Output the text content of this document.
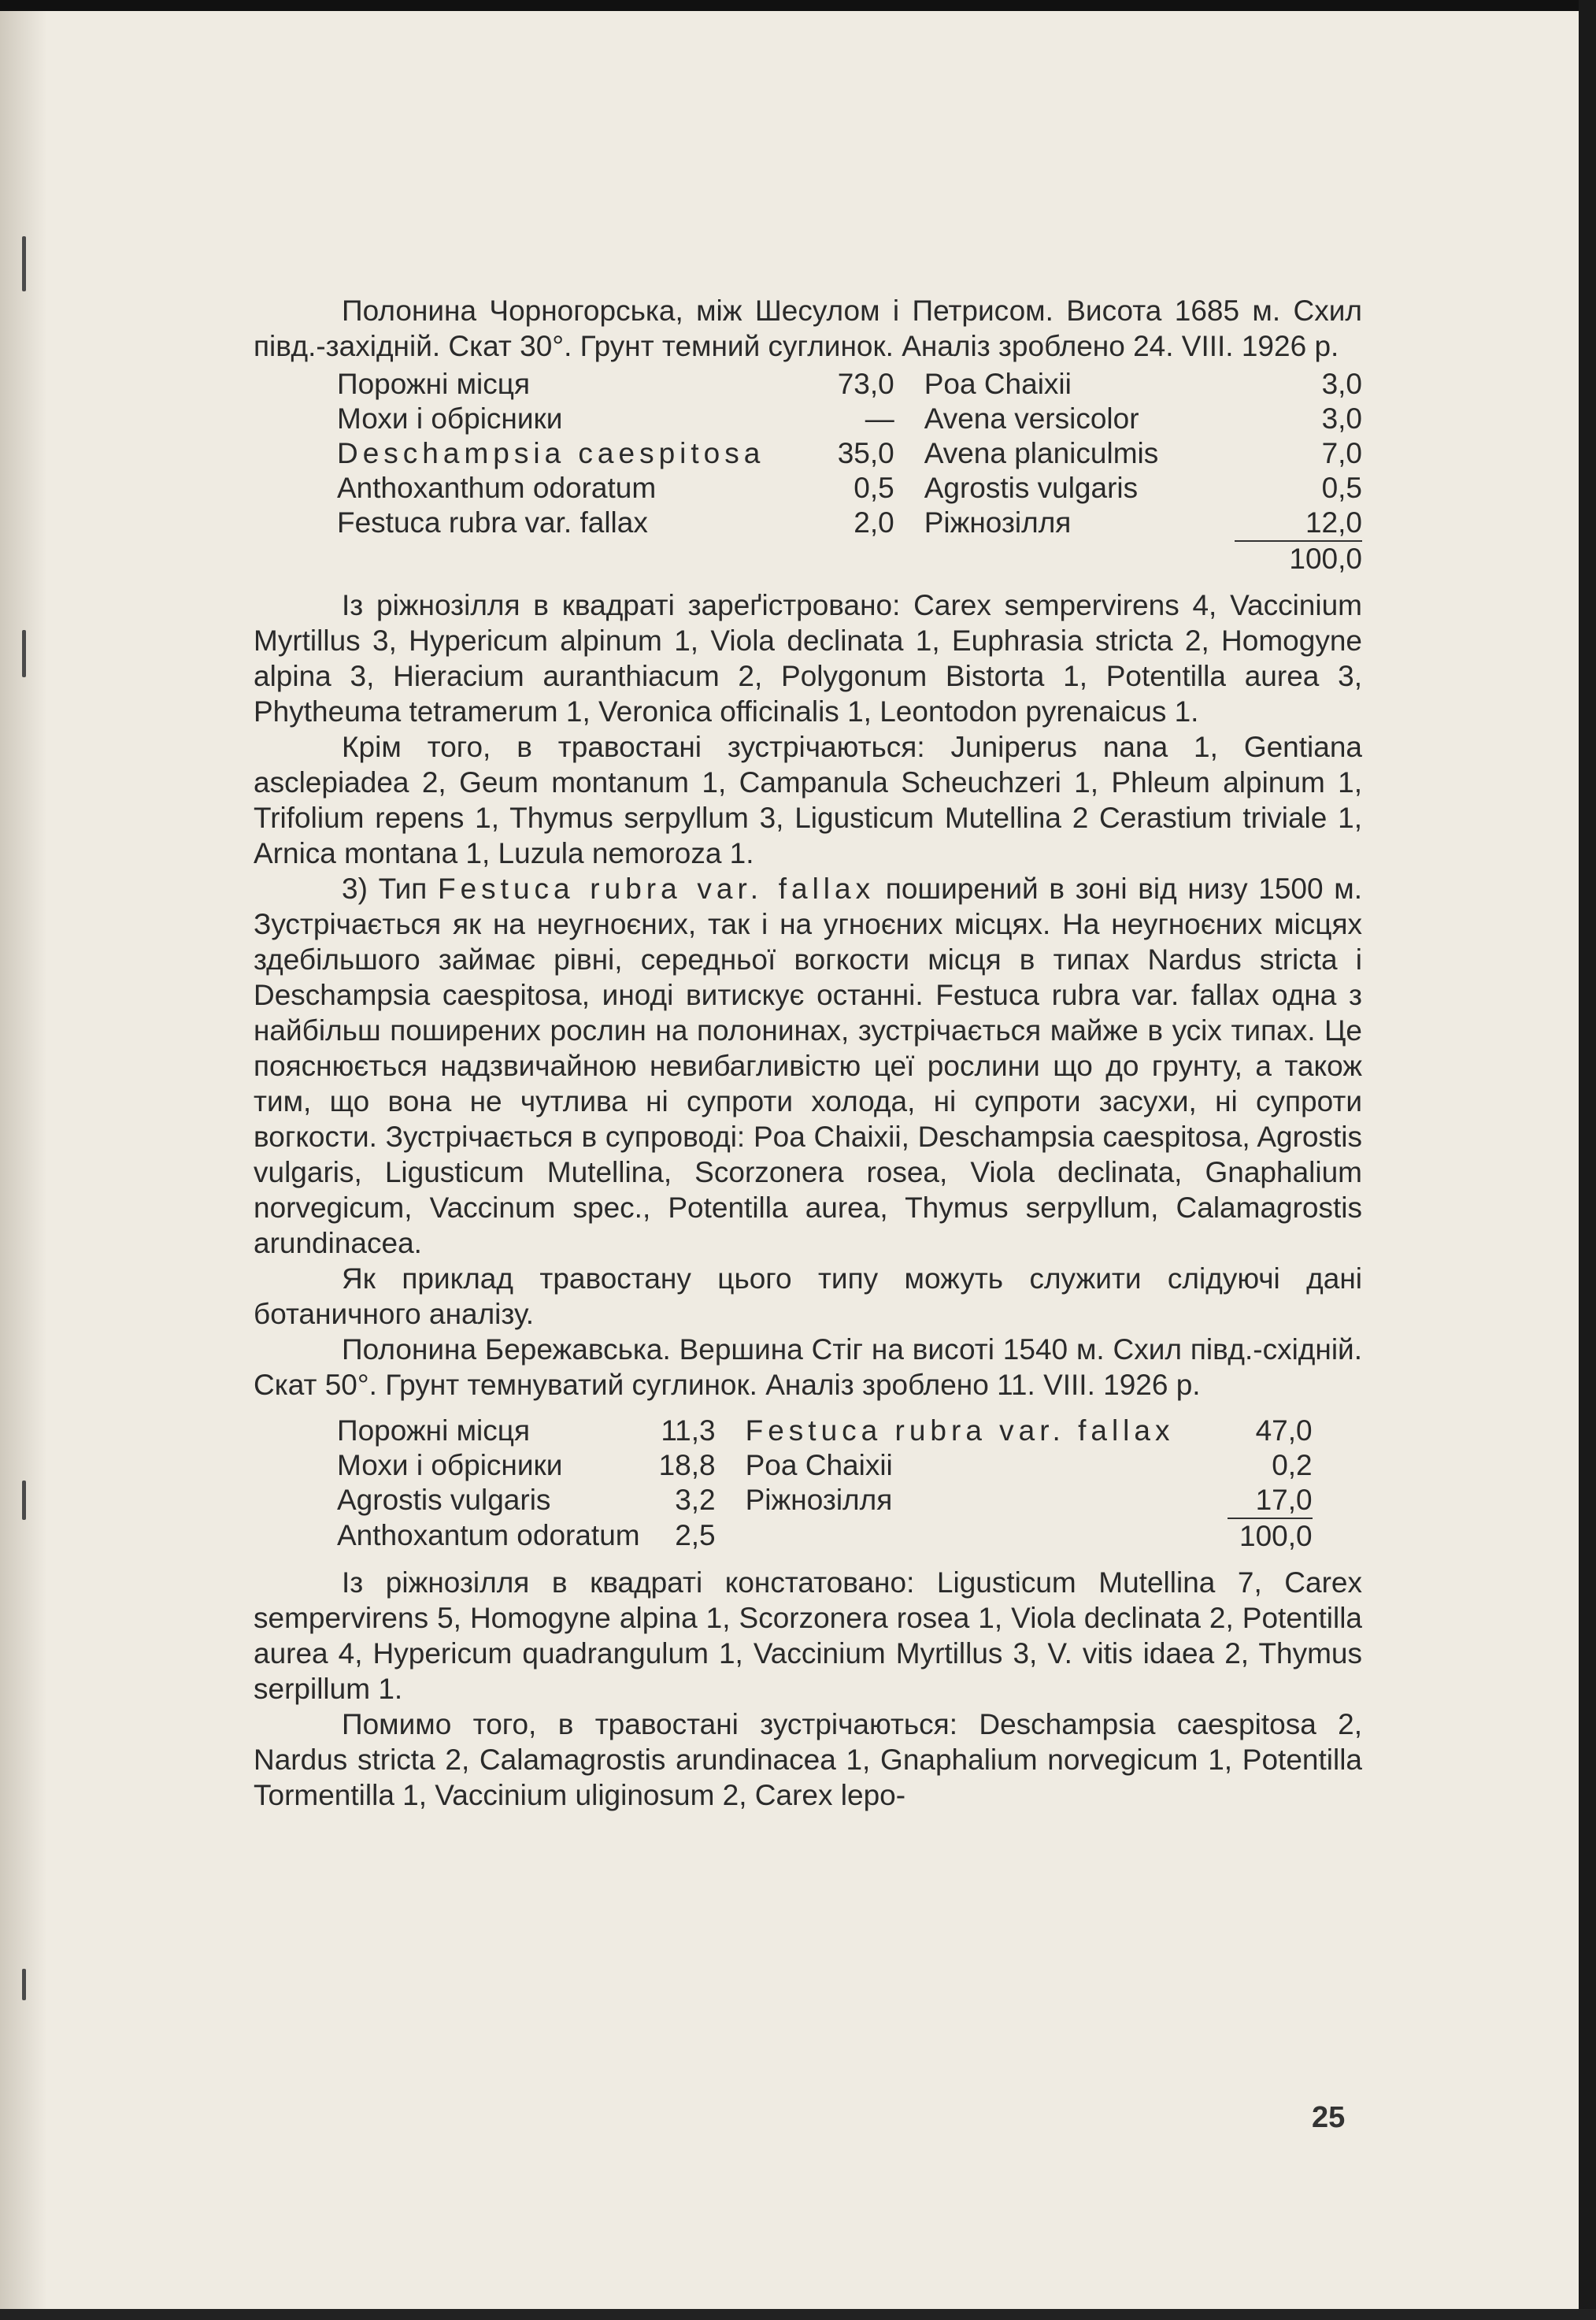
Полонина Чорногорська, між Шесулом і Петрисом. Висота 1685 м. Схил півд.-західній. Скат 30°. Грунт темний суглинок. Аналіз зроблено 24. VIII. 1926 р.

Порожні місця	73,0	Poa Chaixii	3,0
Мохи і обрісники	—	Avena versicolor	3,0
Deschampsia caespitosa	35,0	Avena planiculmis	7,0
Anthoxanthum odoratum	0,5	Agrostis vulgaris	0,5
Festuca rubra var. fallax	2,0	Ріжнозілля	12,0
			100,0

Із ріжнозілля в квадраті зареґістровано: Carex sempervirens 4, Vaccinium Myrtillus 3, Hypericum alpinum 1, Viola declinata 1, Euphrasia stricta 2, Homogyne alpina 3, Hieracium auranthiacum 2, Polygonum Bistorta 1, Potentilla aurea 3, Phytheuma tetramerum 1, Veronica officinalis 1, Leontodon pyrenaicus 1.

Крім того, в травостані зустрічаються: Juniperus nana 1, Gentiana asclepiadea 2, Geum montanum 1, Campanula Scheuchzeri 1, Phleum alpinum 1, Trifolium repens 1, Thymus serpyllum 3, Ligusticum Mutellina 2 Cerastium triviale 1, Arnica montana 1, Luzula nemoroza 1.

3) Тип Festuca rubra var. fallax поширений в зоні від низу 1500 м. Зустрічається як на неугноєних, так і на угноєних місцях. На неугноєних місцях здебільшого займає рівні, середньої вогкости місця в типах Nardus stricta і Deschampsia caespitosa, иноді витискує останні. Festuca rubra var. fallax одна з найбільш поширених рослин на полонинах, зустрічається майже в усіх типах. Це пояснюється надзвичайною невибагливістю цеї рослини що до грунту, а також тим, що вона не чутлива ні супроти холода, ні супроти засухи, ні супроти вогкости. Зустрічається в супроводі: Poa Chaixii, Deschampsia caespitosa, Agrostis vulgaris, Ligusticum Mutellina, Scorzonera rosea, Viola declinata, Gnaphalium norvegicum, Vaccinum spec., Potentilla aurea, Thymus serpyllum, Calamagrostis arundinacea.

Як приклад травостану цього типу можуть служити слідуючі дані ботаничного аналізу.

Полонина Бережавська. Вершина Стіг на висоті 1540 м. Схил півд.-східній. Скат 50°. Грунт темнуватий суглинок. Аналіз зроблено 11. VIII. 1926 р.

Порожні місця	11,3	Festuca rubra var. fallax	47,0
Мохи і обрісники	18,8	Poa Chaixii	0,2
Agrostis vulgaris	3,2	Ріжнозілля	17,0
Anthoxantum odoratum	2,5		100,0

Із ріжнозілля в квадраті констатовано: Ligusticum Mutellina 7, Carex sempervirens 5, Homogyne alpina 1, Scorzonera rosea 1, Viola declinata 2, Potentilla aurea 4, Hypericum quadrangulum 1, Vaccinium Myrtillus 3, V. vitis idaea 2, Thymus serpillum 1.

Помимо того, в травостані зустрічаються: Deschampsia caespitosa 2, Nardus stricta 2, Calamagrostis arundinacea 1, Gnaphalium norvegicum 1, Potentilla Tormentilla 1, Vaccinium uliginosum 2, Carex lepo-

25
